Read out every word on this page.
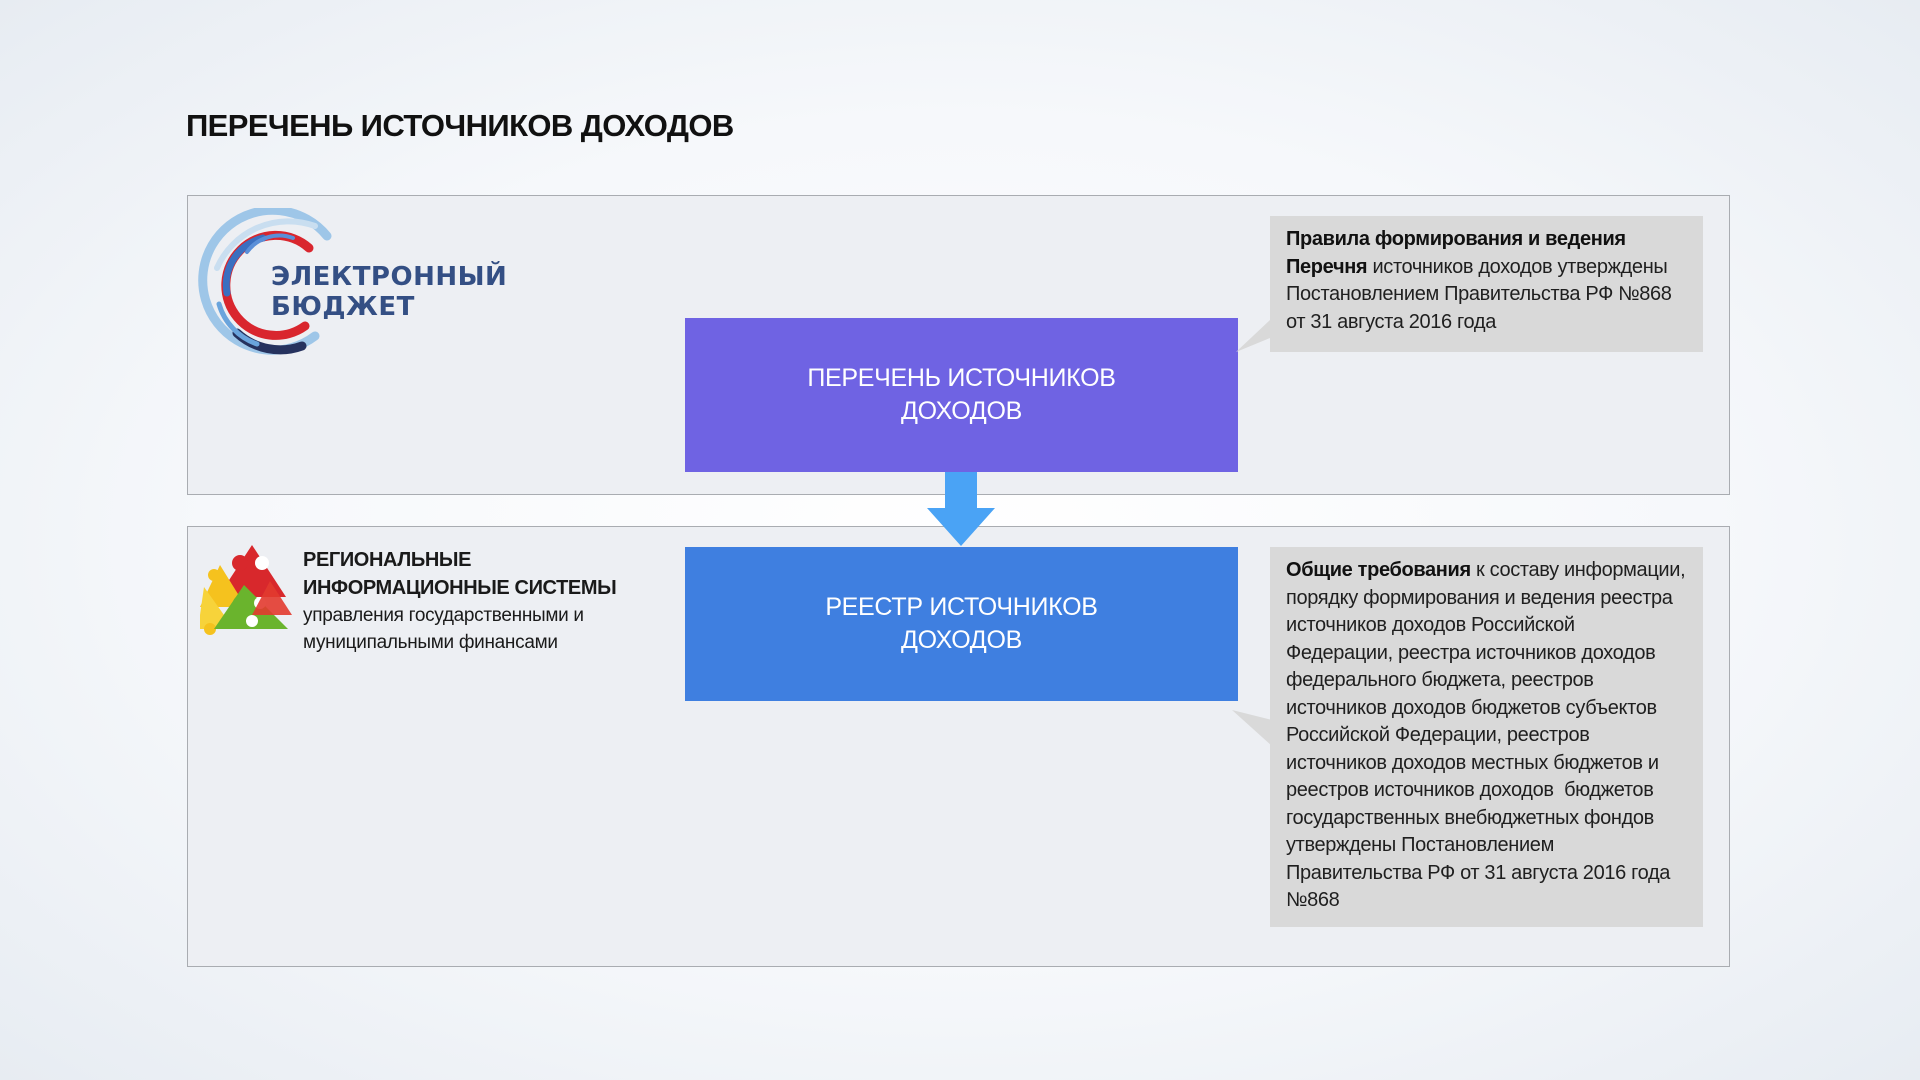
ПЕРЕЧЕНЬ ИСТОЧНИКОВ ДОХОДОВ
ЭЛЕКТРОННЫЙ
БЮДЖЕТ
РЕГИОНАЛЬНЫЕ
ИНФОРМАЦИОННЫЕ СИСТЕМЫ
управления государственными и
муниципальными финансами
ПЕРЕЧЕНЬ ИСТОЧНИКОВ
ДОХОДОВ
РЕЕСТР ИСТОЧНИКОВ
ДОХОДОВ
Правила формирования и ведения
Перечня источников доходов утверждены
Постановлением Правительства РФ №868
от 31 августа 2016 года
Общие требования к составу информации,
порядку формирования и ведения реестра
источников доходов Российской
Федерации, реестра источников доходов
федерального бюджета, реестров
источников доходов бюджетов субъектов
Российской Федерации, реестров
источников доходов местных бюджетов и
реестров источников доходов  бюджетов
государственных внебюджетных фондов
утверждены Постановлением
Правительства РФ от 31 августа 2016 года
№868
